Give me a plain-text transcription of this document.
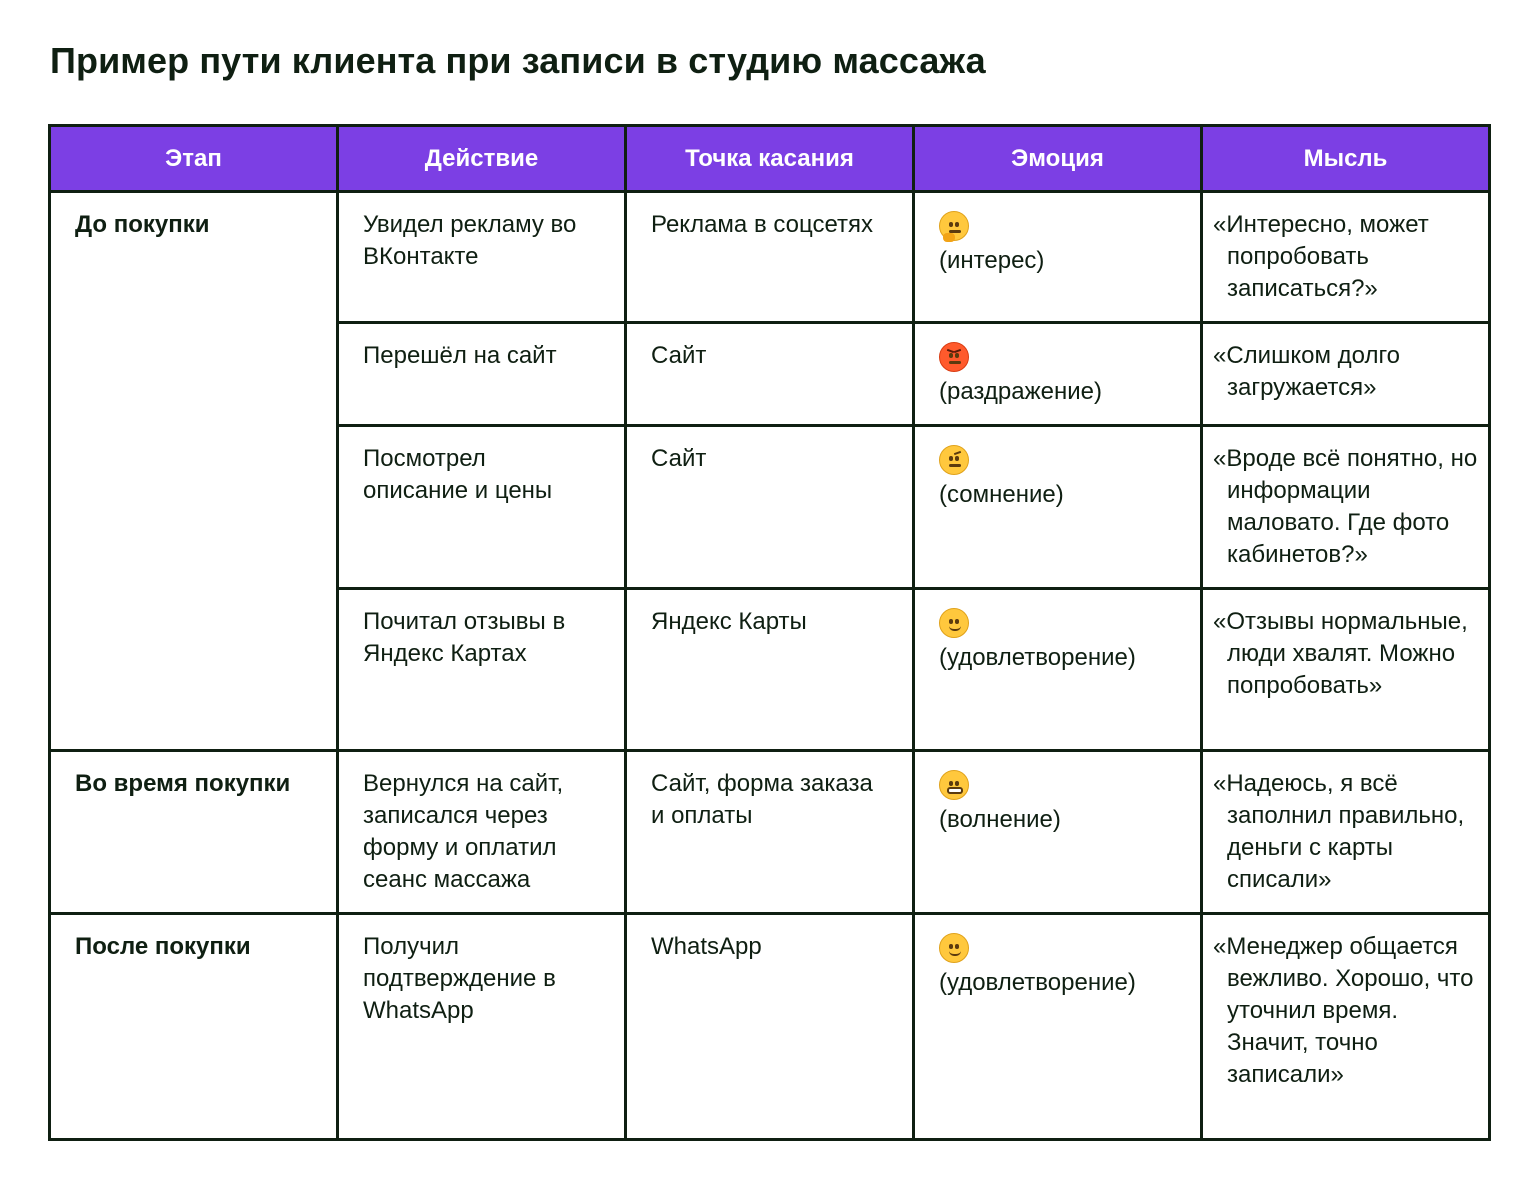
Пример пути клиента при записи в студию массажа
Этап	Действие	Точка касания	Эмоция	Мысль
До покупки	Увидел рекламу во ВКонтакте	Реклама в соцсетях	(интерес)	«Интересно, может попробовать записаться?»

	Перешёл на сайт	Сайт	(раздражение)	«Слишком долго загружается»

	Посмотрел описание и цены	Сайт	(сомнение)	«Вроде всё понятно, но информации маловато. Где фото кабинетов?»

	Почитал отзывы в Яндекс Картах	Яндекс Карты	(удовлетворение)	«Отзывы нормальные, люди хвалят. Можно попробовать»

Во время покупки	Вернулся на сайт, записался через форму и оплатил сеанс массажа	Сайт, форма заказа и оплаты	(волнение)	«Надеюсь, я всё заполнил правильно, деньги с карты списали»

После покупки	Получил подтверждение в WhatsApp	WhatsApp	(удовлетворение)	«Менеджер общается вежливо. Хорошо, что уточнил время. Значит, точно записали»
